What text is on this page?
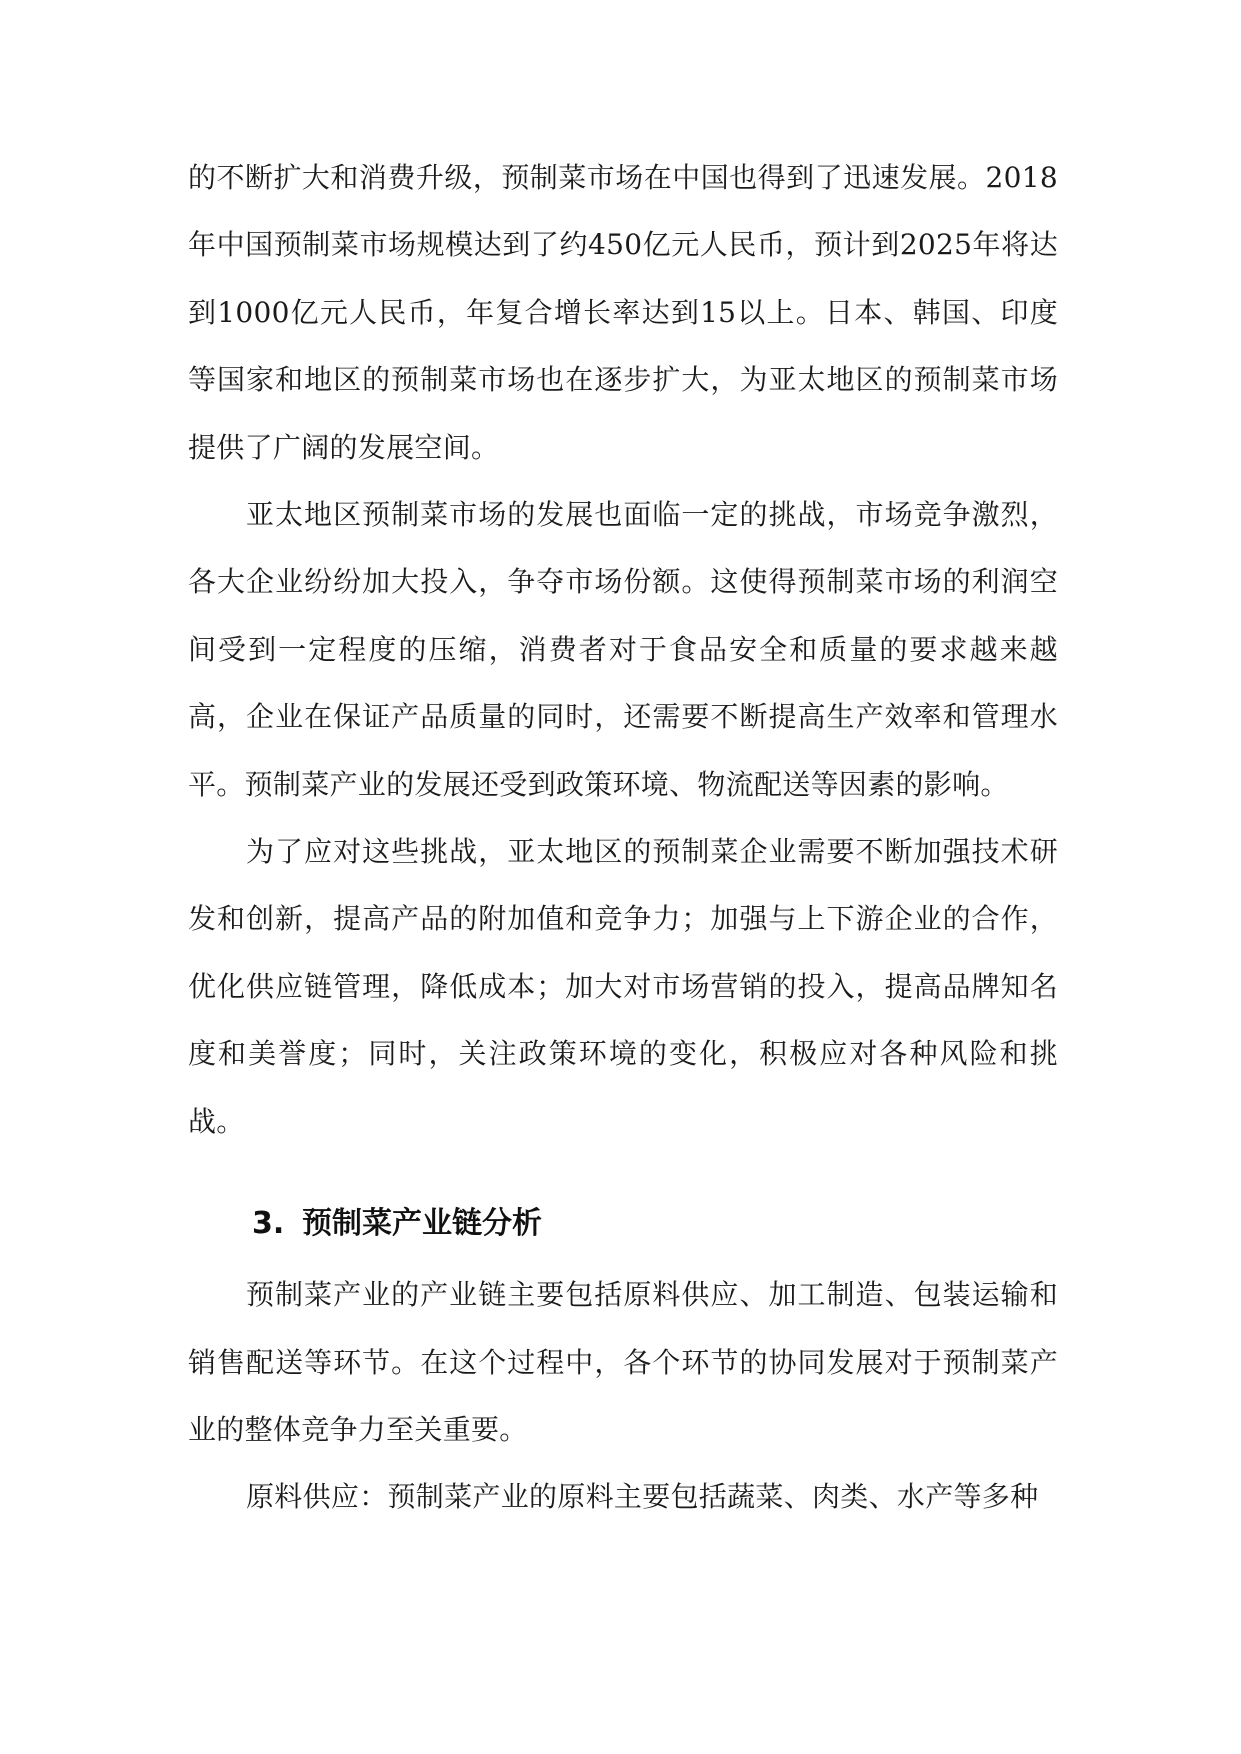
的不断扩大和消费升级，预制菜市场在中国也得到了迅速发展。2018年中国预制菜市场规模达到了约450亿元人民币，预计到2025年将达到1000亿元人民币，年复合增长率达到15以上。日本、韩国、印度等国家和地区的预制菜市场也在逐步扩大，为亚太地区的预制菜市场提供了广阔的发展空间。

亚太地区预制菜市场的发展也面临一定的挑战，市场竞争激烈，各大企业纷纷加大投入，争夺市场份额。这使得预制菜市场的利润空间受到一定程度的压缩，消费者对于食品安全和质量的要求越来越高，企业在保证产品质量的同时，还需要不断提高生产效率和管理水平。预制菜产业的发展还受到政策环境、物流配送等因素的影响。

为了应对这些挑战，亚太地区的预制菜企业需要不断加强技术研发和创新，提高产品的附加值和竞争力；加强与上下游企业的合作，优化供应链管理，降低成本；加大对市场营销的投入，提高品牌知名度和美誉度；同时，关注政策环境的变化，积极应对各种风险和挑战。

3. 预制菜产业链分析

预制菜产业的产业链主要包括原料供应、加工制造、包装运输和销售配送等环节。在这个过程中，各个环节的协同发展对于预制菜产业的整体竞争力至关重要。

原料供应：预制菜产业的原料主要包括蔬菜、肉类、水产等多种
